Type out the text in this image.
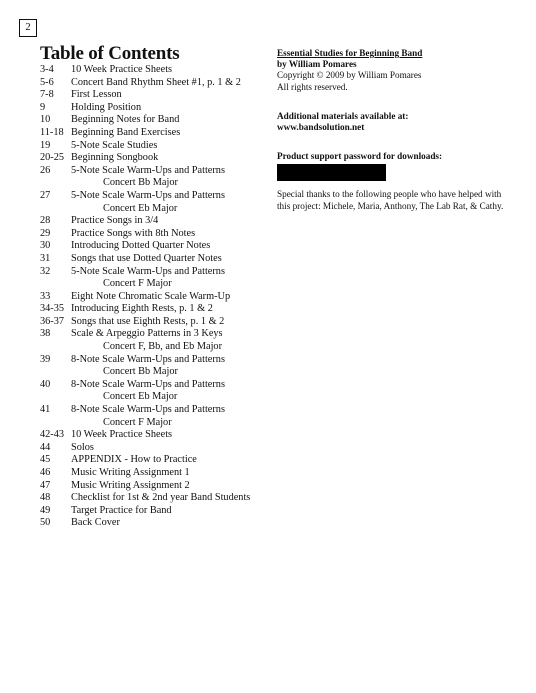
2
Table of Contents
3-4 10 Week Practice Sheets
5-6 Concert Band Rhythm Sheet #1, p. 1 & 2
7-8 First Lesson
9	Holding Position
10 Beginning Notes for Band
11-18 Beginning Band Exercises
19 5-Note Scale Studies
20-25 Beginning Songbook
26 5-Note Scale Warm-Ups and Patterns
Concert Bb Major
27 5-Note Scale Warm-Ups and Patterns
Concert Eb Major
28 Practice Songs in 3/4
29 Practice Songs with 8th Notes
30 Introducing Dotted Quarter Notes
31 Songs that use Dotted Quarter Notes
32 5-Note Scale Warm-Ups and Patterns
Concert F Major
33 Eight Note Chromatic Scale Warm-Up
34-35 Introducing Eighth Rests, p. 1 & 2
36-37 Songs that use Eighth Rests, p. 1 & 2
38 Scale & Arpeggio Patterns in 3 Keys
Concert F, Bb, and Eb Major
39 8-Note Scale Warm-Ups and Patterns
Concert Bb Major
40 8-Note Scale Warm-Ups and Patterns
Concert Eb Major
41 8-Note Scale Warm-Ups and Patterns
Concert F Major
42-43 10 Week Practice Sheets
44 Solos
45 APPENDIX - How to Practice
46 Music Writing Assignment 1
47 Music Writing Assignment 2
48 Checklist for 1st & 2nd year Band Students
49 Target Practice for Band
50 Back Cover
Essential Studies for Beginning Band
by William Pomares
Copyright © 2009 by William Pomares
All rights reserved.
Additional materials available at:
www.bandsolution.net
Product support password for downloads:
Special thanks to the following people who have helped with this project: Michele, Maria, Anthony, The Lab Rat, & Cathy.
